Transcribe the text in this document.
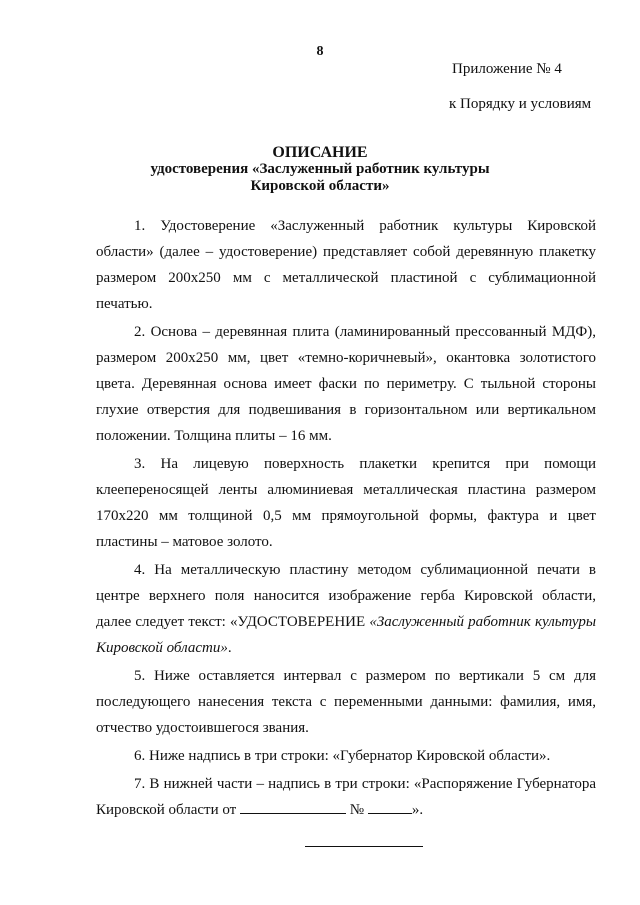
8
Приложение № 4
к Порядку и условиям
ОПИСАНИЕ
удостоверения «Заслуженный работник культуры
Кировской области»

1. Удостоверение «Заслуженный работник культуры Кировской области» (далее – удостоверение) представляет собой деревянную плакетку размером 200х250 мм с металлической пластиной с сублимационной печатью.

2. Основа – деревянная плита (ламинированный прессованный МДФ), размером 200х250 мм, цвет «темно-коричневый», окантовка золотистого цвета. Деревянная основа имеет фаски по периметру. С тыльной стороны глухие отверстия для подвешивания в горизонтальном или вертикальном положении. Толщина плиты – 16 мм.

3. На лицевую поверхность плакетки крепится при помощи клеепереносящей ленты алюминиевая металлическая пластина размером 170х220 мм толщиной 0,5 мм прямоугольной формы, фактура и цвет пластины – матовое золото.

4. На металлическую пластину методом сублимационной печати в центре верхнего поля наносится изображение герба Кировской области, далее следует текст: «УДОСТОВЕРЕНИЕ «Заслуженный работник культуры Кировской области».

5. Ниже оставляется интервал с размером по вертикали 5 см для последующего нанесения текста с переменными данными: фамилия, имя, отчество удостоившегося звания.

6. Ниже надпись в три строки: «Губернатор Кировской области».

7. В нижней части – надпись в три строки: «Распоряжение Губернатора Кировской области от	№	».
